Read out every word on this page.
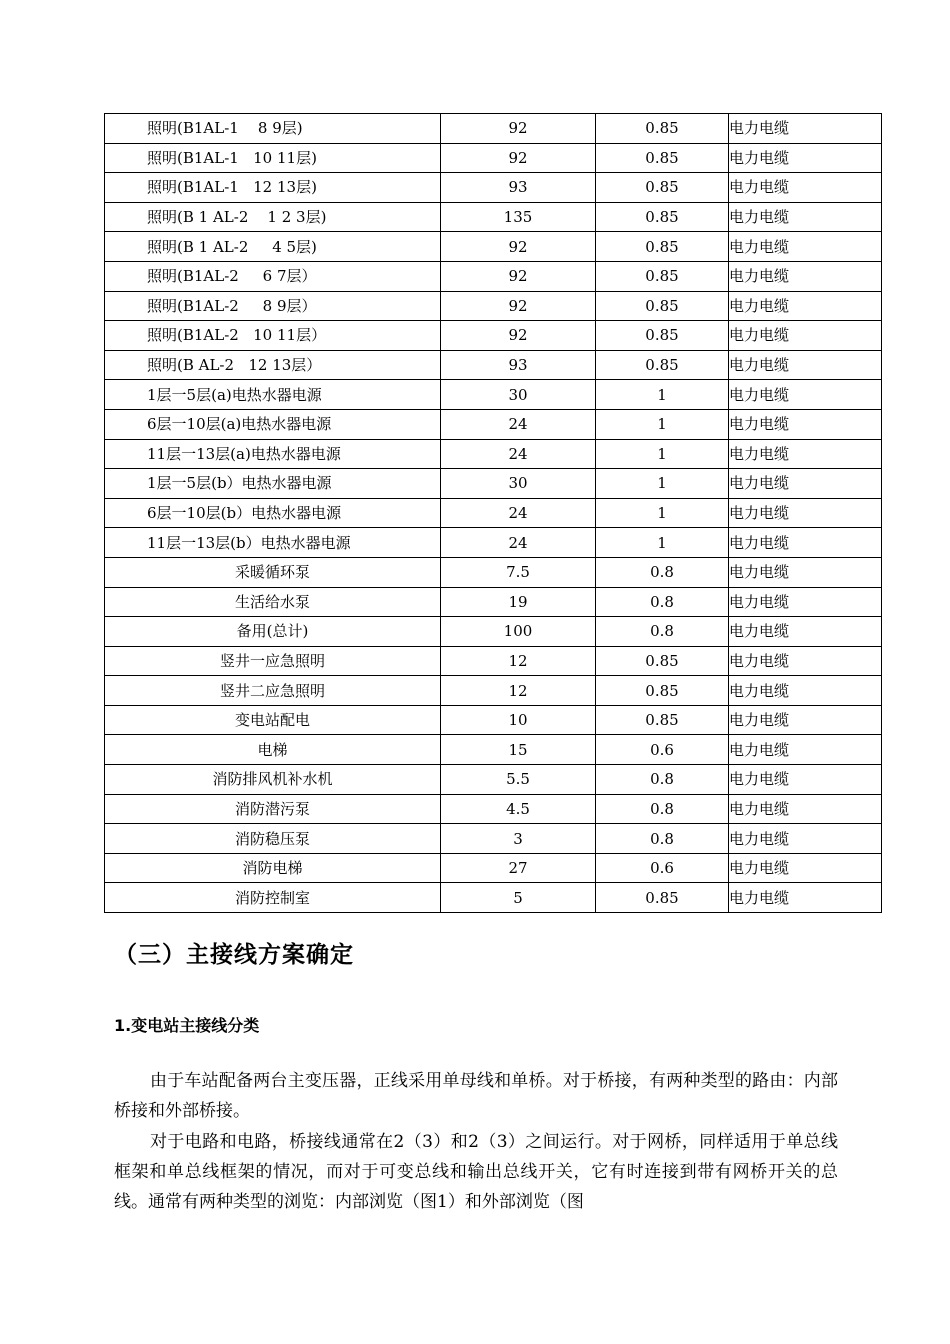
照明(B1AL-1    8 9层)	92	0.85	电力电缆
照明(B1AL-1   10 11层)	92	0.85	电力电缆
照明(B1AL-1   12 13层)	93	0.85	电力电缆
照明(B 1 AL-2    1 2 3层)	135	0.85	电力电缆
照明(B 1 AL-2     4 5层)	92	0.85	电力电缆
照明(B1AL-2     6 7层）	92	0.85	电力电缆
照明(B1AL-2     8 9层）	92	0.85	电力电缆
照明(B1AL-2   10 11层）	92	0.85	电力电缆
照明(B AL-2   12 13层）	93	0.85	电力电缆
1层一5层(a)电热水器电源	30	1	电力电缆
6层一10层(a)电热水器电源	24	1	电力电缆
11层一13层(a)电热水器电源	24	1	电力电缆
1层一5层(b）电热水器电源	30	1	电力电缆
6层一10层(b）电热水器电源	24	1	电力电缆
11层一13层(b）电热水器电源	24	1	电力电缆
采暖循环泵	7.5	0.8	电力电缆
生活给水泵	19	0.8	电力电缆
备用(总计)	100	0.8	电力电缆
竖井一应急照明	12	0.85	电力电缆
竖井二应急照明	12	0.85	电力电缆
变电站配电	10	0.85	电力电缆
电梯	15	0.6	电力电缆
消防排风机补水机	5.5	0.8	电力电缆
消防潜污泵	4.5	0.8	电力电缆
消防稳压泵	3	0.8	电力电缆
消防电梯	27	0.6	电力电缆
消防控制室	5	0.85	电力电缆
（三）主接线方案确定
1.变电站主接线分类

由于车站配备两台主变压器，正线采用单母线和单桥。对于桥接，有两种类型的路由：内部桥接和外部桥接。

对于电路和电路，桥接线通常在2（3）和2（3）之间运行。对于网桥，同样适用于单总线框架和单总线框架的情况，而对于可变总线和输出总线开关，它有时连接到带有网桥开关的总线。通常有两种类型的浏览：内部浏览（图1）和外部浏览（图
